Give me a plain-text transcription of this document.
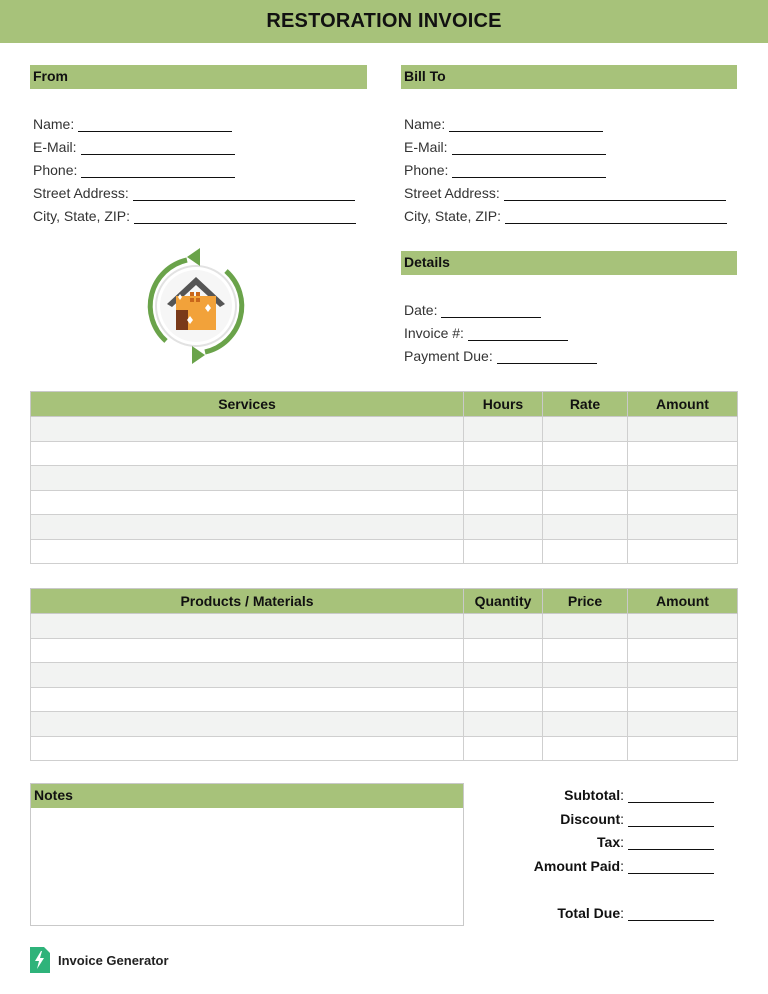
RESTORATION INVOICE
From
Name:
E-Mail:
Phone:
Street Address:
City, State, ZIP:
Bill To
Name:
E-Mail:
Phone:
Street Address:
City, State, ZIP:
Details
Date:
Invoice #:
Payment Due:
Services	Hours	Rate	Amount

Products / Materials	Quantity	Price	Amount

Notes	Subtotal :
Discount :
Tax :
Amount Paid :
Total Due :
Invoice Generator
